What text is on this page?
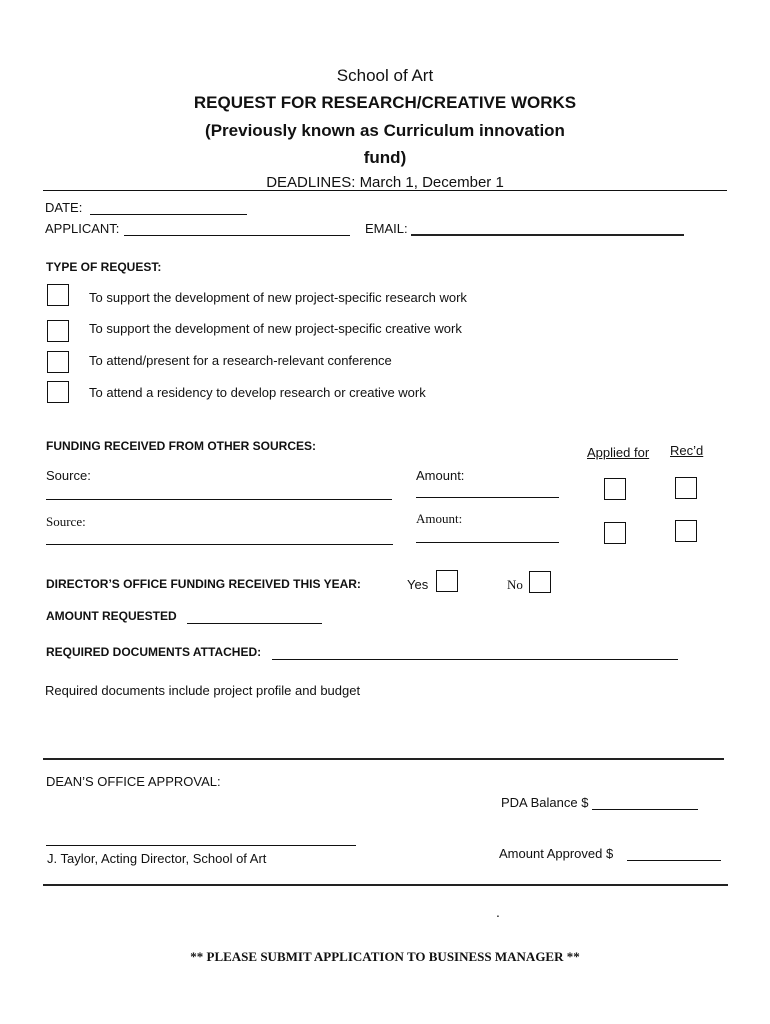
School of Art
REQUEST FOR RESEARCH/CREATIVE WORKS
(Previously known as Curriculum innovation
fund)
DEADLINES: March 1, December 1
DATE:
APPLICANT:	EMAIL:
TYPE OF REQUEST:
To support the development of new project-specific research work
To support the development of new project-specific creative work
To attend/present for a research-relevant conference
To attend a residency to develop research or creative work
FUNDING RECEIVED FROM OTHER SOURCES:	Applied for Rec’d
Source:	Amount:
Source:	Amount:
DIRECTOR’S OFFICE FUNDING RECEIVED THIS YEAR:	Yes	No
AMOUNT REQUESTED
REQUIRED DOCUMENTS ATTACHED:
Required documents include project profile and budget
DEAN’S OFFICE APPROVAL:
PDA Balance $
J. Taylor, Acting Director, School of Art	Amount Approved $
.
** PLEASE SUBMIT APPLICATION TO BUSINESS MANAGER **
